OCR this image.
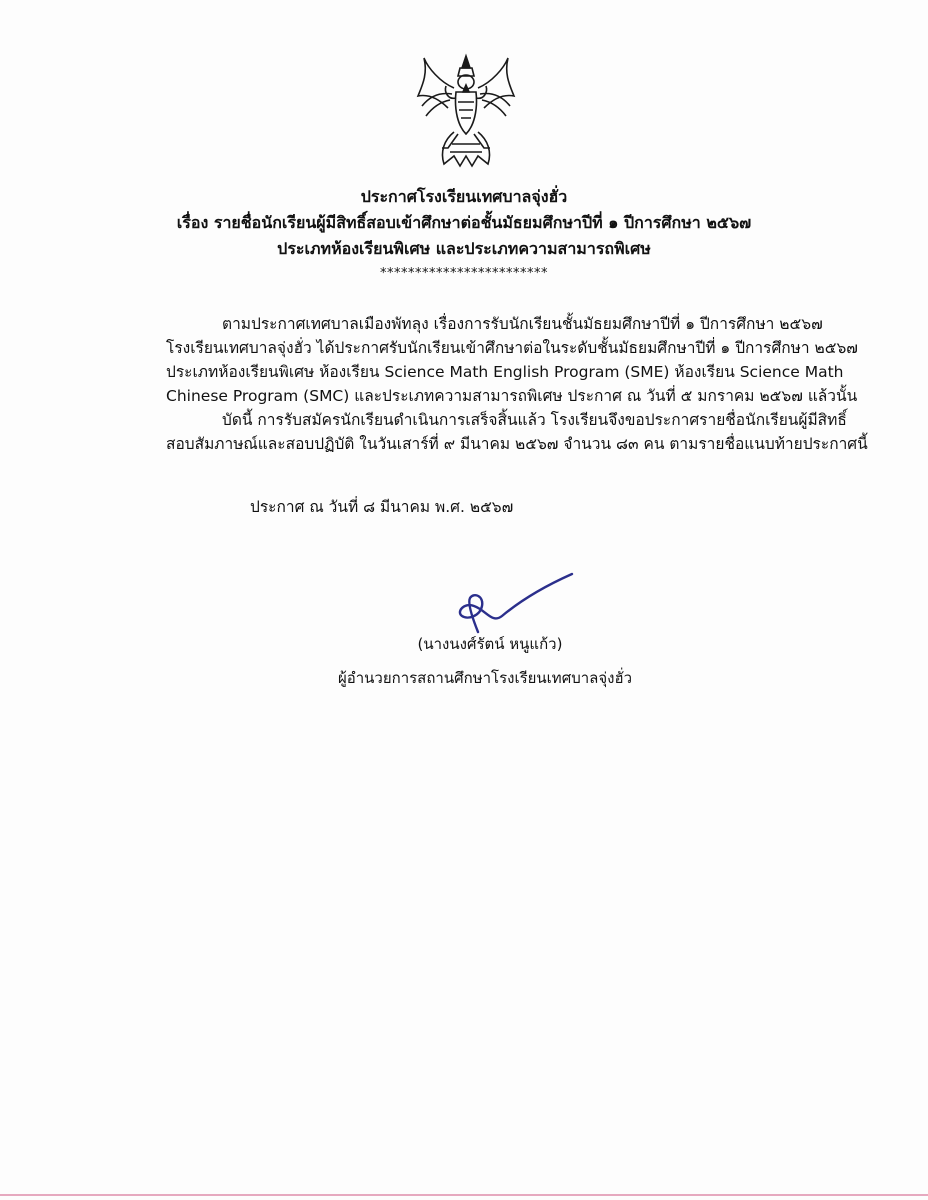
ประกาศโรงเรียนเทศบาลจุ่งฮั่ว
เรื่อง รายชื่อนักเรียนผู้มีสิทธิ์สอบเข้าศึกษาต่อชั้นมัธยมศึกษาปีที่ ๑ ปีการศึกษา ๒๕๖๗
ประเภทห้องเรียนพิเศษ และประเภทความสามารถพิเศษ
************************
ตามประกาศเทศบาลเมืองพัทลุง เรื่องการรับนักเรียนชั้นมัธยมศึกษาปีที่ ๑ ปีการศึกษา ๒๕๖๗
โรงเรียนเทศบาลจุ่งฮั่ว ได้ประกาศรับนักเรียนเข้าศึกษาต่อในระดับชั้นมัธยมศึกษาปีที่ ๑ ปีการศึกษา ๒๕๖๗
ประเภทห้องเรียนพิเศษ ห้องเรียน Science Math English Program (SME) ห้องเรียน Science Math
Chinese Program (SMC) และประเภทความสามารถพิเศษ ประกาศ ณ วันที่ ๕ มกราคม ๒๕๖๗ แล้วนั้น
บัดนี้ การรับสมัครนักเรียนดำเนินการเสร็จสิ้นแล้ว โรงเรียนจึงขอประกาศรายชื่อนักเรียนผู้มีสิทธิ์
สอบสัมภาษณ์และสอบปฏิบัติ ในวันเสาร์ที่ ๙ มีนาคม ๒๕๖๗ จำนวน ๘๓ คน ตามรายชื่อแนบท้ายประกาศนี้
ประกาศ ณ วันที่ ๘ มีนาคม พ.ศ. ๒๕๖๗
(นางนงศ์รัตน์ หนูแก้ว)
ผู้อำนวยการสถานศึกษาโรงเรียนเทศบาลจุ่งฮั่ว
